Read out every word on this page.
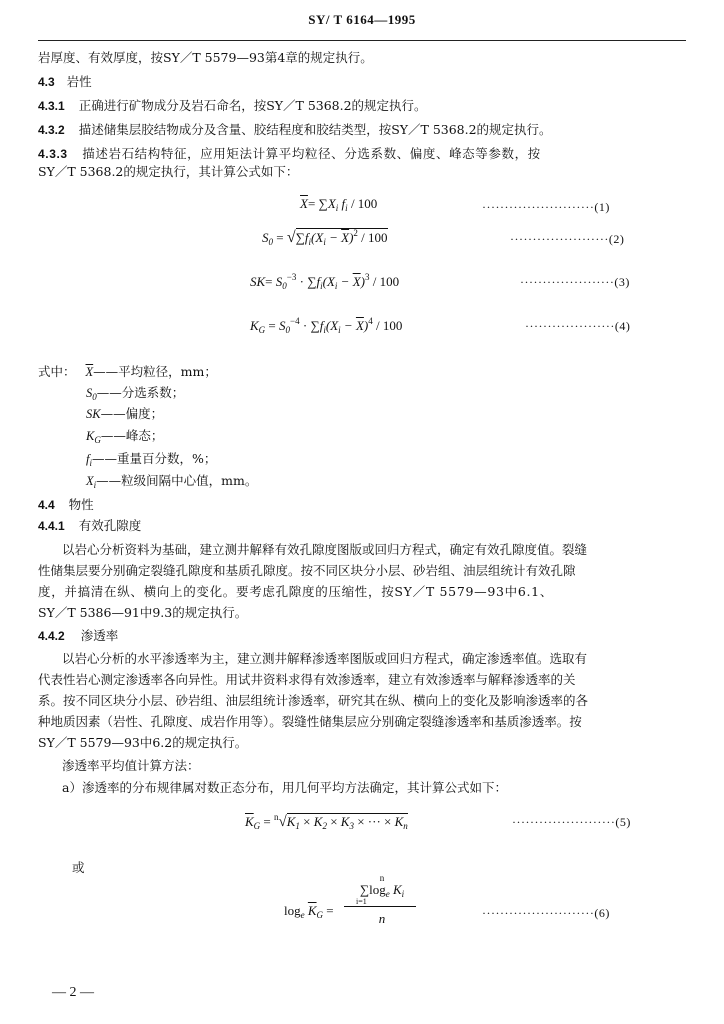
SY/ T 6164—1995
岩厚度、有效厚度，按SY／T 5579—93第4章的规定执行。
4.3 岩性
4.3.1 正确进行矿物成分及岩石命名，按SY／T 5368.2的规定执行。
4.3.2 描述储集层胶结物成分及含量、胶结程度和胶结类型，按SY／T 5368.2的规定执行。
4.3.3 描述岩石结构特征，应用矩法计算平均粒径、分选系数、偏度、峰态等参数，按
SY／T 5368.2的规定执行，其计算公式如下：
$\overline{X}= \sum X_i$ $f_i / 100$	·························(1)
$S_0 = √\sum f_i(X_i - \overline{X})^2 / 100$	······················(2)
$SK= S_0^{-3} \cdot \sum f_i(X_i - \overline{X})^3 / 100$	·····················(3)
$K_G = S_0^{-4} \cdot \sum f_i(X_i - \overline{X})^4 / 100$	····················(4)
式中： $\overline{X}——$平均粒径，mm；
$S_0——$分选系数；
SK——偏度；
$K_G——$峰态；
$f_i——$重量百分数，%；
$X_i——$粒级间隔中心值，mm。
4.4 物性
4.4.1 有效孔隙度
以岩心分析资料为基础，建立测井解释有效孔隙度图版或回归方程式，确定有效孔隙度值。裂缝
性储集层要分别确定裂缝孔隙度和基质孔隙度。按不同区块分小层、砂岩组、油层组统计有效孔隙
度，并搞清在纵、横向上的变化。要考虑孔隙度的压缩性，按SY／T 5579—93中6.1、
SY／T 5386—91中9.3的规定执行。
4.4.2 渗透率
以岩心分析的水平渗透率为主，建立测井解释渗透率图版或回归方程式，确定渗透率值。选取有
代表性岩心测定渗透率各向异性。用试井资料求得有效渗透率，建立有效渗透率与解释渗透率的关
系。按不同区块分小层、砂岩组、油层组统计渗透率，研究其在纵、横向上的变化及影响渗透率的各
种地质因素（岩性、孔隙度、成岩作用等）。裂缝性储集层应分别确定裂缝渗透率和基质渗透率。按
SY／T 5579—93中6.2的规定执行。
渗透率平均值计算方法：
a）渗透率的分布规律属对数正态分布，用几何平均方法确定，其计算公式如下：
$\overline{K}_G = ^n√K_1 \times K_2 \times K_3$ × ··· × $K_n$	·······················(5)
或
$\log_e \overline{K}_G$ =
n
$\sum\log_e$ $K_i$
i=1
n	·························(6)
— 2 —
